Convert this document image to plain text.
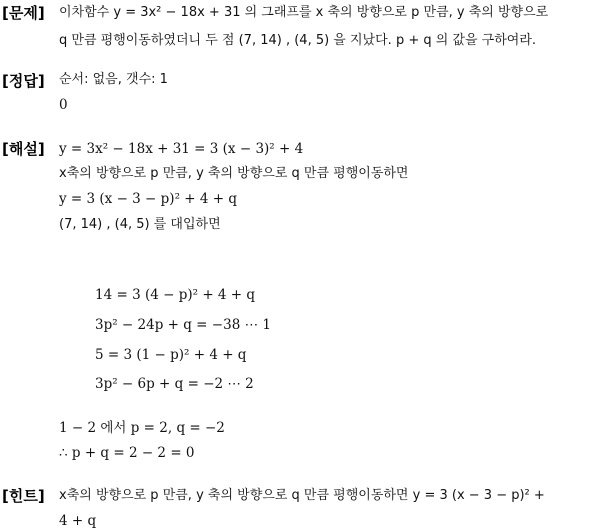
[문제] 이차함수 y = 3x² − 18x + 31 의 그래프를 x 축의 방향으로 p 만큼, y 축의 방향으로
q 만큼 평행이동하였더니 두 점 (7, 14) , (4, 5) 을 지났다. p + q 의 값을 구하여라.
[정답] 순서: 없음, 갯수: 1
0
[해설] y = 3x² − 18x + 31 = 3 (x − 3)² + 4
x축의 방향으로 p 만큼, y 축의 방향으로 q 만큼 평행이동하면
y = 3 (x − 3 − p)² + 4 + q
(7, 14) , (4, 5) 를 대입하면
14 = 3 (4 − p)² + 4 + q
3p² − 24p + q = −38 ⋯ 1
5 = 3 (1 − p)² + 4 + q
3p² − 6p + q = −2 ⋯ 2
1 − 2 에서 p = 2, q = −2
∴ p + q = 2 − 2 = 0
[힌트] x축의 방향으로 p 만큼, y 축의 방향으로 q 만큼 평행이동하면 y = 3 (x − 3 − p)² +
4 + q
